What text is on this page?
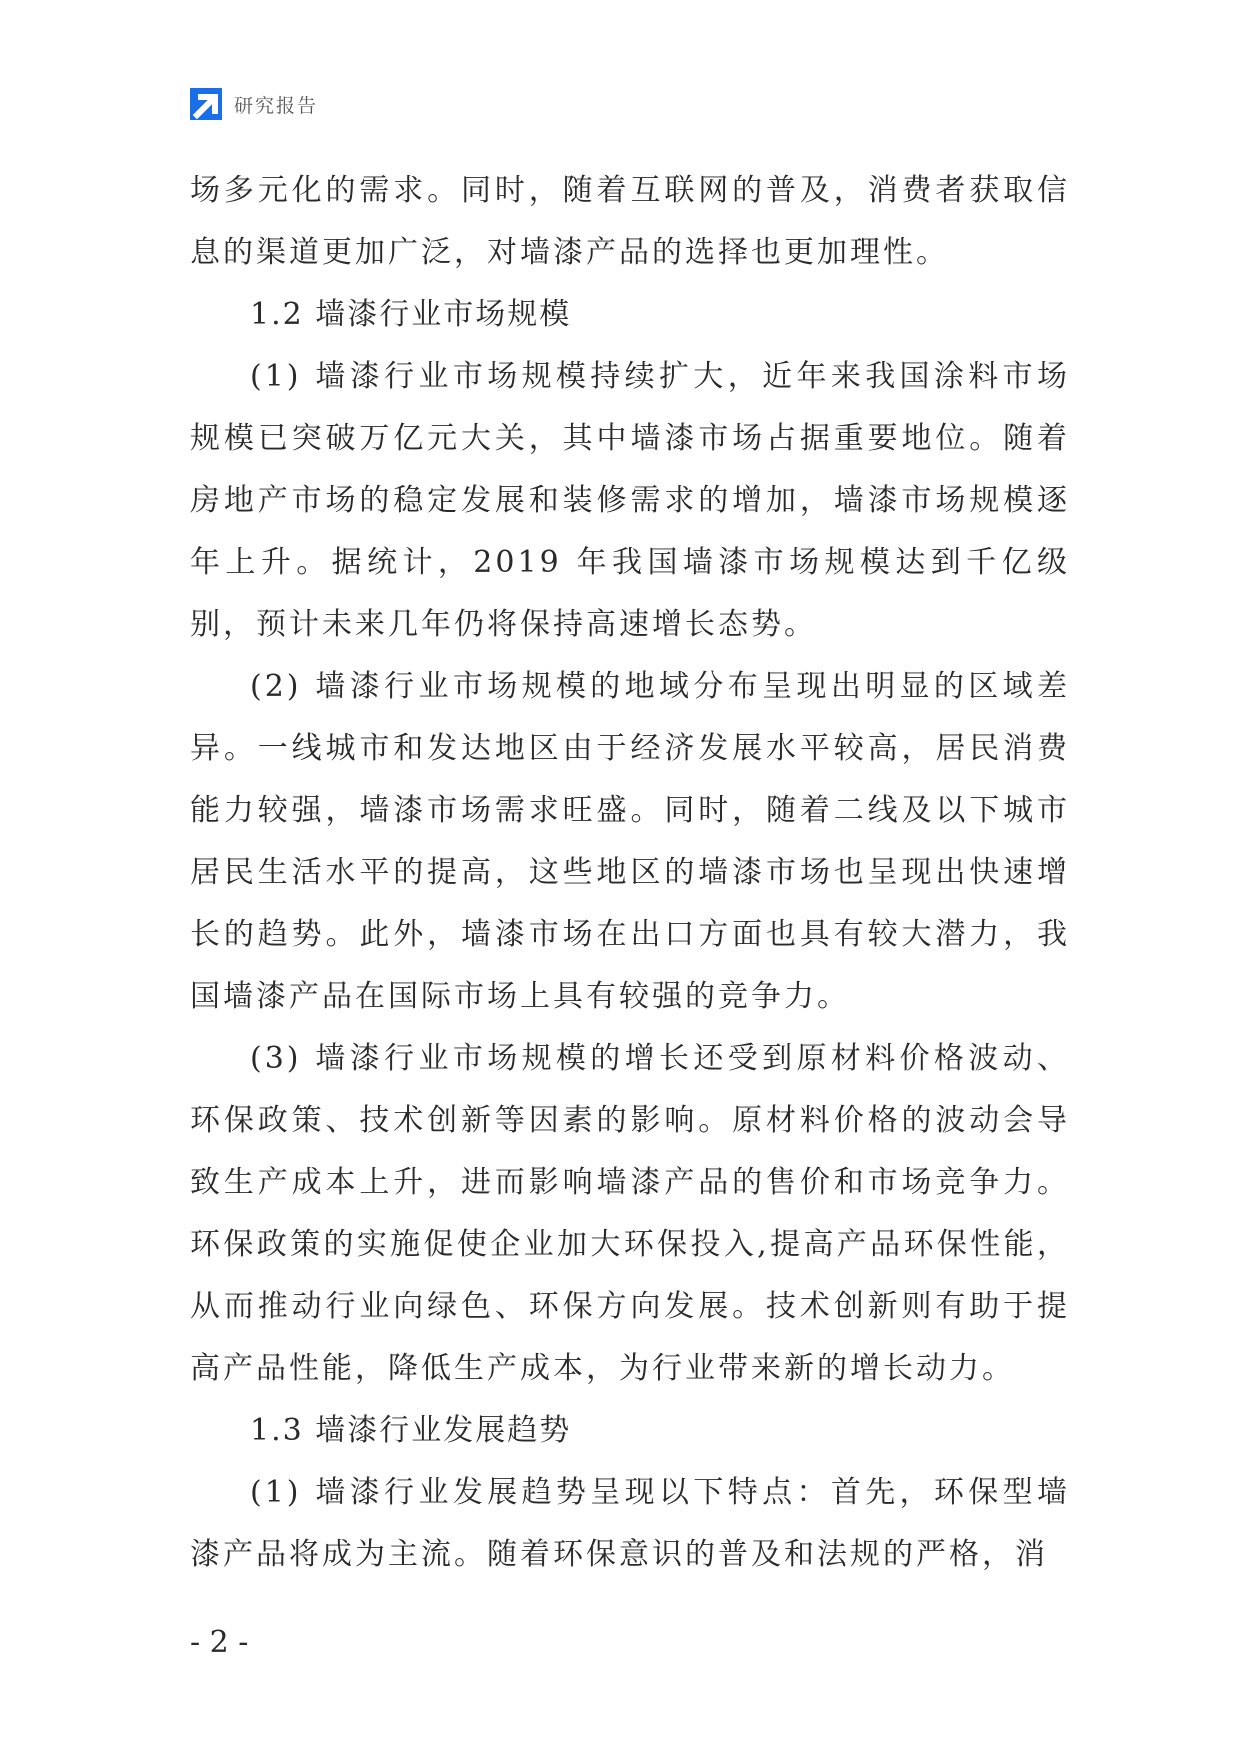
研究报告

场多元化的需求。同时，随着互联网的普及，消费者获取信息的渠道更加广泛，对墙漆产品的选择也更加理性。

1.2 墙漆行业市场规模

(1) 墙漆行业市场规模持续扩大，近年来我国涂料市场规模已突破万亿元大关，其中墙漆市场占据重要地位。随着房地产市场的稳定发展和装修需求的增加，墙漆市场规模逐年上升。据统计，2019 年我国墙漆市场规模达到千亿级别，预计未来几年仍将保持高速增长态势。

(2) 墙漆行业市场规模的地域分布呈现出明显的区域差异。一线城市和发达地区由于经济发展水平较高，居民消费能力较强，墙漆市场需求旺盛。同时，随着二线及以下城市居民生活水平的提高，这些地区的墙漆市场也呈现出快速增长的趋势。此外，墙漆市场在出口方面也具有较大潜力，我国墙漆产品在国际市场上具有较强的竞争力。

(3) 墙漆行业市场规模的增长还受到原材料价格波动、环保政策、技术创新等因素的影响。原材料价格的波动会导致生产成本上升，进而影响墙漆产品的售价和市场竞争力。环保政策的实施促使企业加大环保投入,提高产品环保性能，从而推动行业向绿色、环保方向发展。技术创新则有助于提高产品性能，降低生产成本，为行业带来新的增长动力。

1.3 墙漆行业发展趋势

(1) 墙漆行业发展趋势呈现以下特点：首先，环保型墙漆产品将成为主流。随着环保意识的普及和法规的严格，消

- 2 -
